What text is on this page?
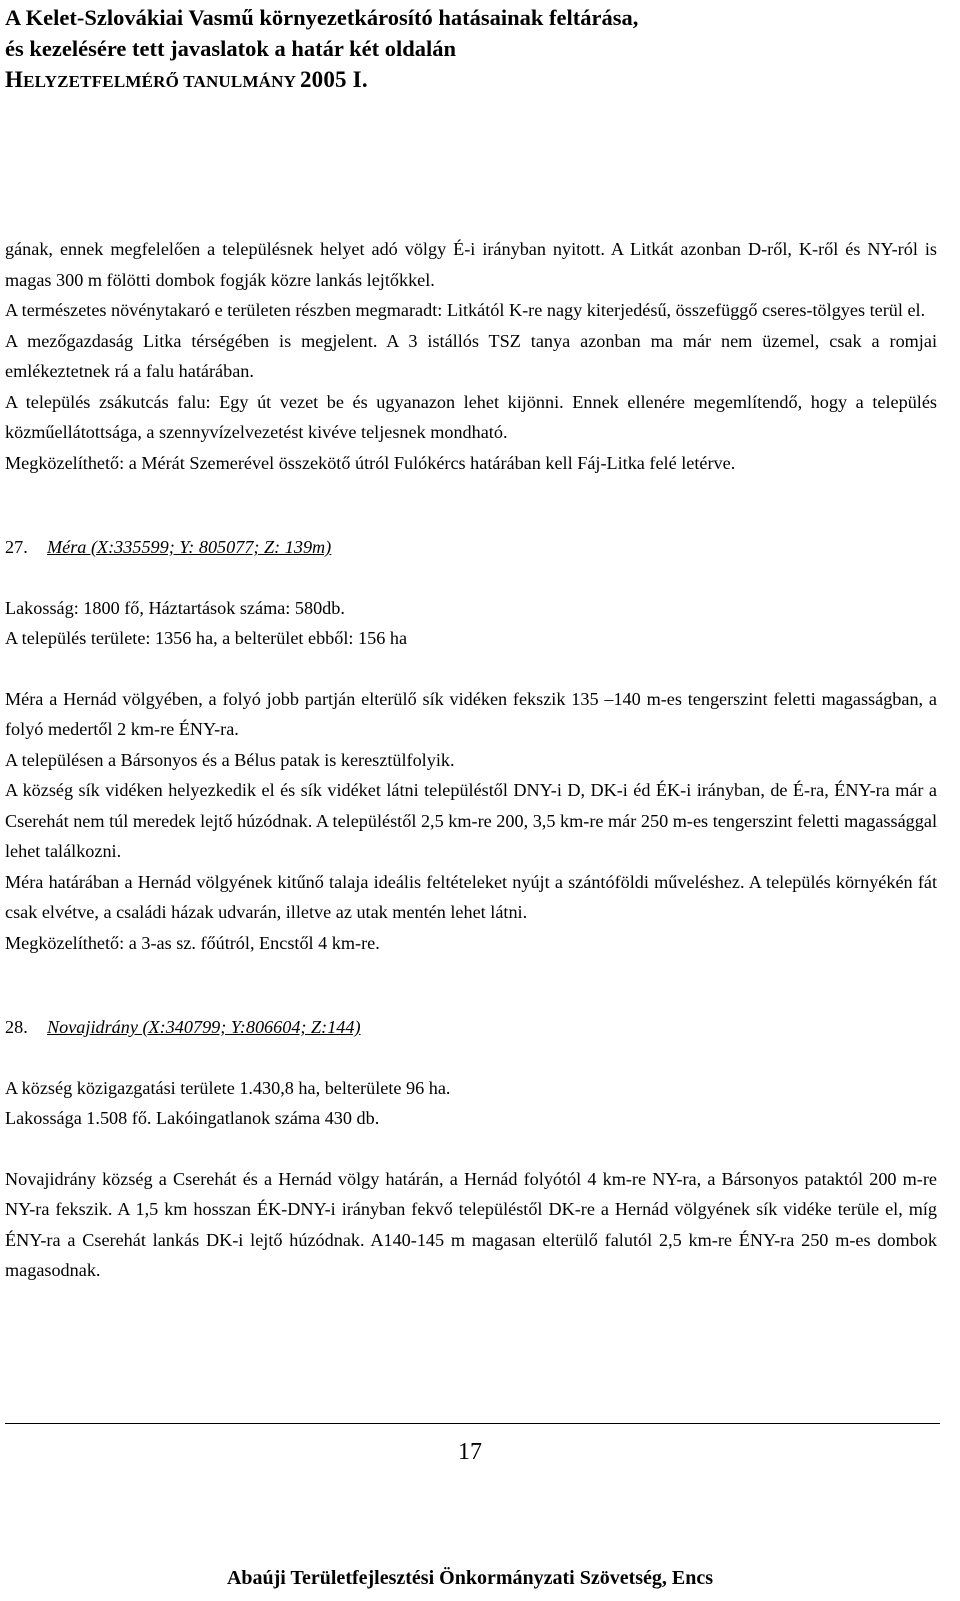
A Kelet-Szlovákiai Vasmű környezetkárosító hatásainak feltárása,

és kezelésére tett javaslatok a határ két oldalán

HELYZETFELMÉRŐ TANULMÁNY 2005 I.

gának, ennek megfelelően a településnek helyet adó völgy É-i irányban nyitott. A Litkát azonban D-ről, K-ről és NY-ról is magas 300 m fölötti dombok fogják közre lankás lejtőkkel.

A természetes növénytakaró e területen részben megmaradt: Litkától K-re nagy kiterjedésű, összefüggő cseres-tölgyes terül el.

A mezőgazdaság Litka térségében is megjelent. A 3 istállós TSZ tanya azonban ma már nem üzemel, csak a romjai emlékeztetnek rá a falu határában.

A település zsákutcás falu: Egy út vezet be és ugyanazon lehet kijönni. Ennek ellenére megemlítendő, hogy a település közműellátottsága, a szennyvízelvezetést kivéve teljesnek mondható.

Megközelíthető: a Mérát Szemerével összekötő útról Fulókércs határában kell Fáj-Litka felé letérve.

27. Méra (X:335599; Y: 805077; Z: 139m)

Lakosság: 1800 fő, Háztartások száma: 580db.

A település területe: 1356 ha, a belterület ebből: 156 ha

Méra a Hernád völgyében, a folyó jobb partján elterülő sík vidéken fekszik 135 –140 m-es tengerszint feletti magasságban, a folyó medertől 2 km-re ÉNY-ra.

A településen a Bársonyos és a Bélus patak is keresztülfolyik.

A község sík vidéken helyezkedik el és sík vidéket látni településtől DNY-i D, DK-i éd ÉK-i irányban, de É-ra, ÉNY-ra már a Cserehát nem túl meredek lejtő húzódnak. A településtől 2,5 km-re 200, 3,5 km-re már 250 m-es tengerszint feletti magassággal lehet találkozni.

Méra határában a Hernád völgyének kitűnő talaja ideális feltételeket nyújt a szántóföldi műveléshez. A település környékén fát csak elvétve, a családi házak udvarán, illetve az utak mentén lehet látni.

Megközelíthető: a 3-as sz. főútról, Encstől 4 km-re.

28. Novajidrány (X:340799; Y:806604; Z:144)

A község közigazgatási területe 1.430,8 ha, belterülete 96 ha.

Lakossága 1.508 fő. Lakóingatlanok száma 430 db.

Novajidrány község a Cserehát és a Hernád völgy határán, a Hernád folyótól 4 km-re NY-ra, a Bársonyos pataktól 200 m-re NY-ra fekszik. A 1,5 km hosszan ÉK-DNY-i irányban fekvő településtől DK-re a Hernád völgyének sík vidéke terüle el, míg ÉNY-ra a Cserehát lankás DK-i lejtő húzódnak. A140-145 m magasan elterülő falutól 2,5 km-re ÉNY-ra 250 m-es dombok magasodnak.

17
Abaúji Területfejlesztési Önkormányzati Szövetség, Encs
